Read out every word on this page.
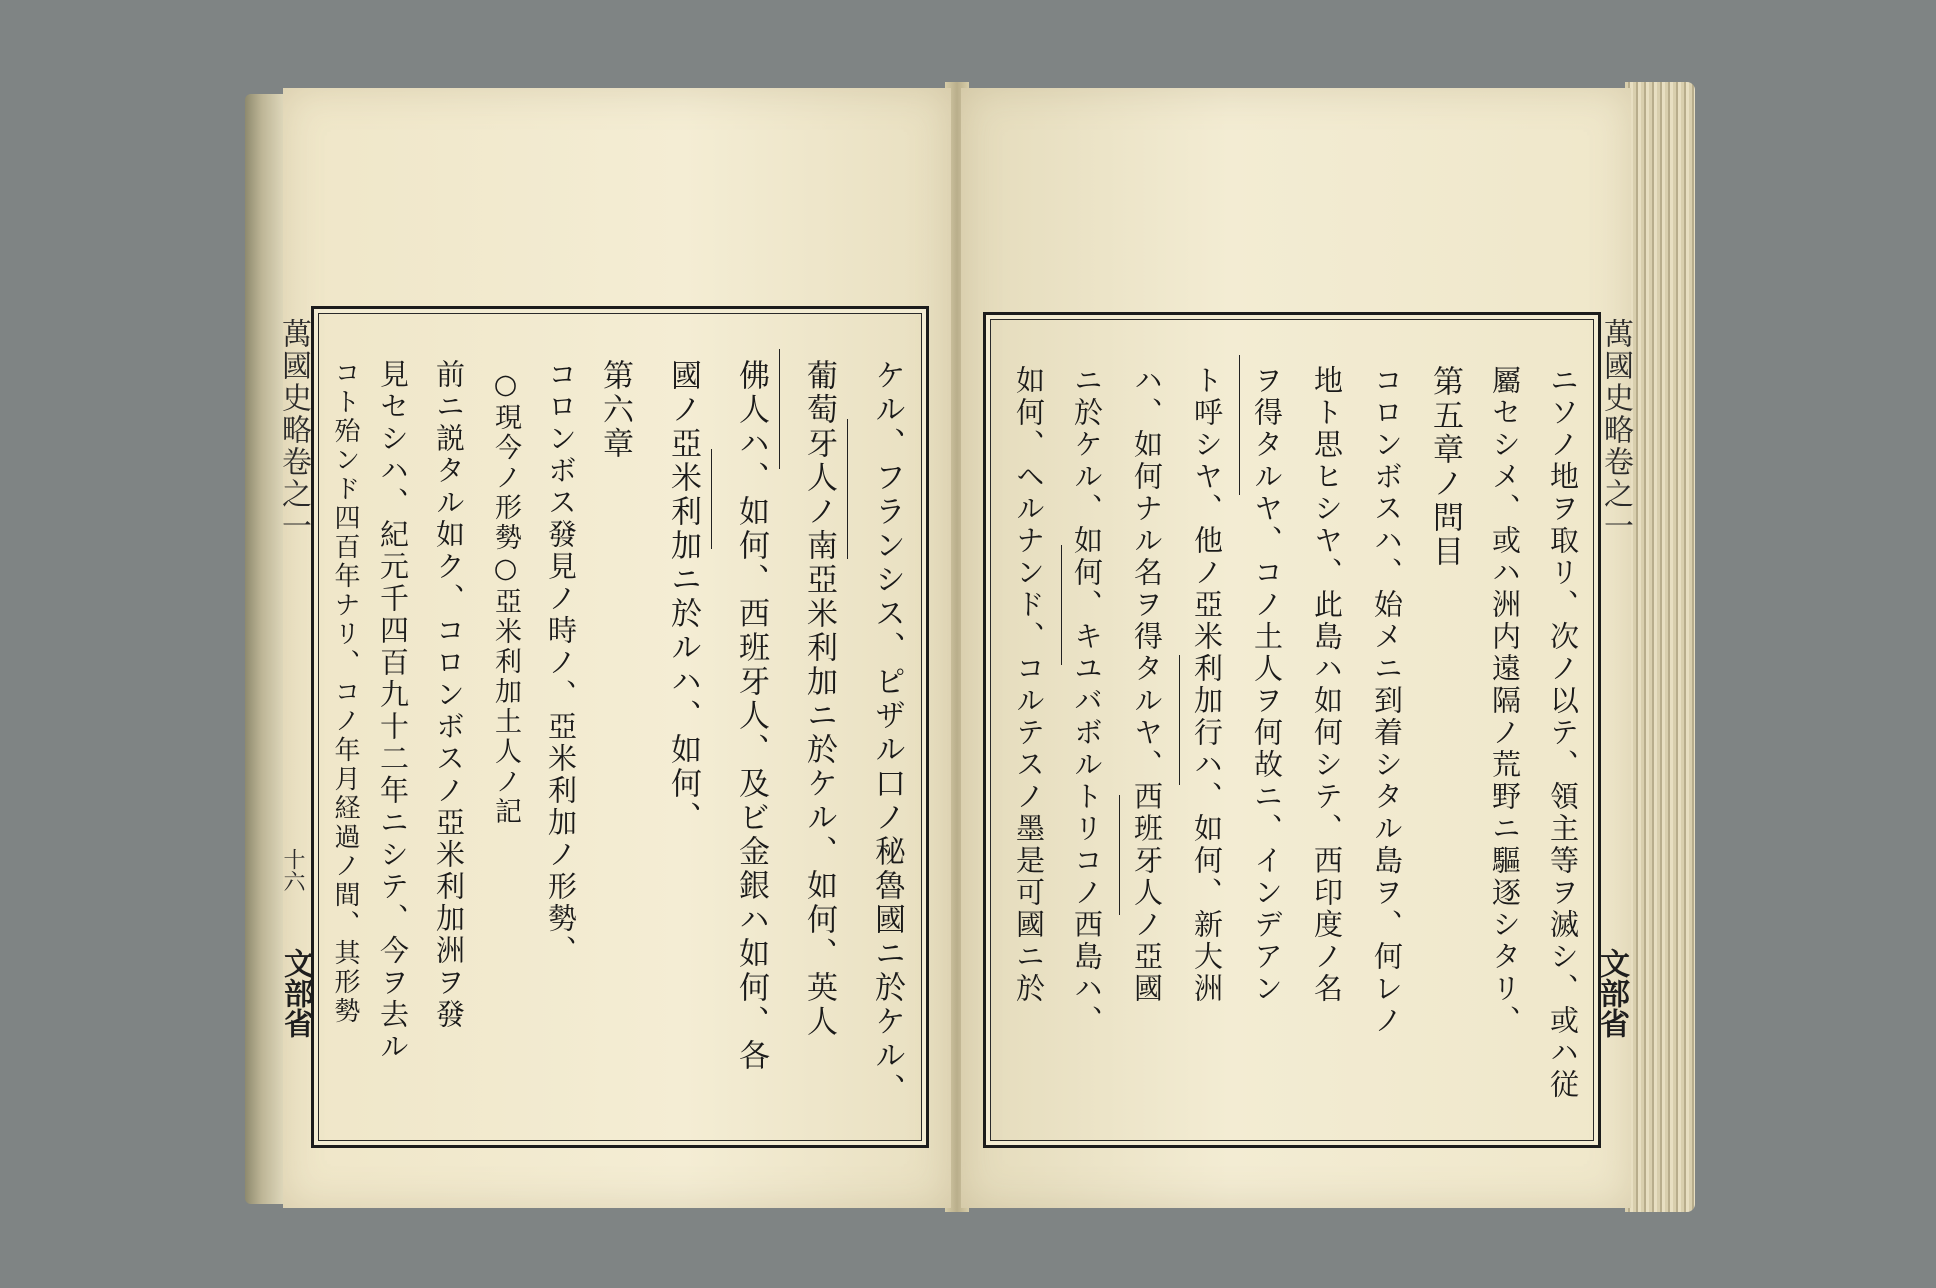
ケル、フランシス、ピザル口ノ秘魯國ニ於ケル、
葡萄牙人ノ南亞米利加ニ於ケル、如何、英人
佛人ハ、如何、西班牙人、及ビ金銀ハ如何、各
國ノ亞米利加ニ於ルハ、如何、
第六章
コロンボス發見ノ時ノ、亞米利加ノ形勢、
○現今ノ形勢○亞米利加土人ノ記
前ニ説タル如ク、コロンボスノ亞米利加洲ヲ發
見セシハ、紀元千四百九十二年ニシテ、今ヲ去ル
コト殆ンド四百年ナリ、コノ年月経過ノ間、其形勢
萬國史略卷之一
十六
文部省	ニソノ地ヲ取リ、次ノ以テ、領主等ヲ滅シ、或ハ従
屬セシメ、或ハ洲内遠隔ノ荒野ニ驅逐シタリ、
第五章ノ問目
コロンボスハ、始メニ到着シタル島ヲ、何レノ
地ト思ヒシヤ、此島ハ如何シテ、西印度ノ名
ヲ得タルヤ、コノ土人ヲ何故ニ、インデアン
ト呼シヤ、他ノ亞米利加行ハ、如何、新大洲
ハ、如何ナル名ヲ得タルヤ、西班牙人ノ亞國
ニ於ケル、如何、キユバボルトリコノ西島ハ、
如何、ヘルナンド、コルテスノ墨是可國ニ於	萬國史略卷之一
文部省
